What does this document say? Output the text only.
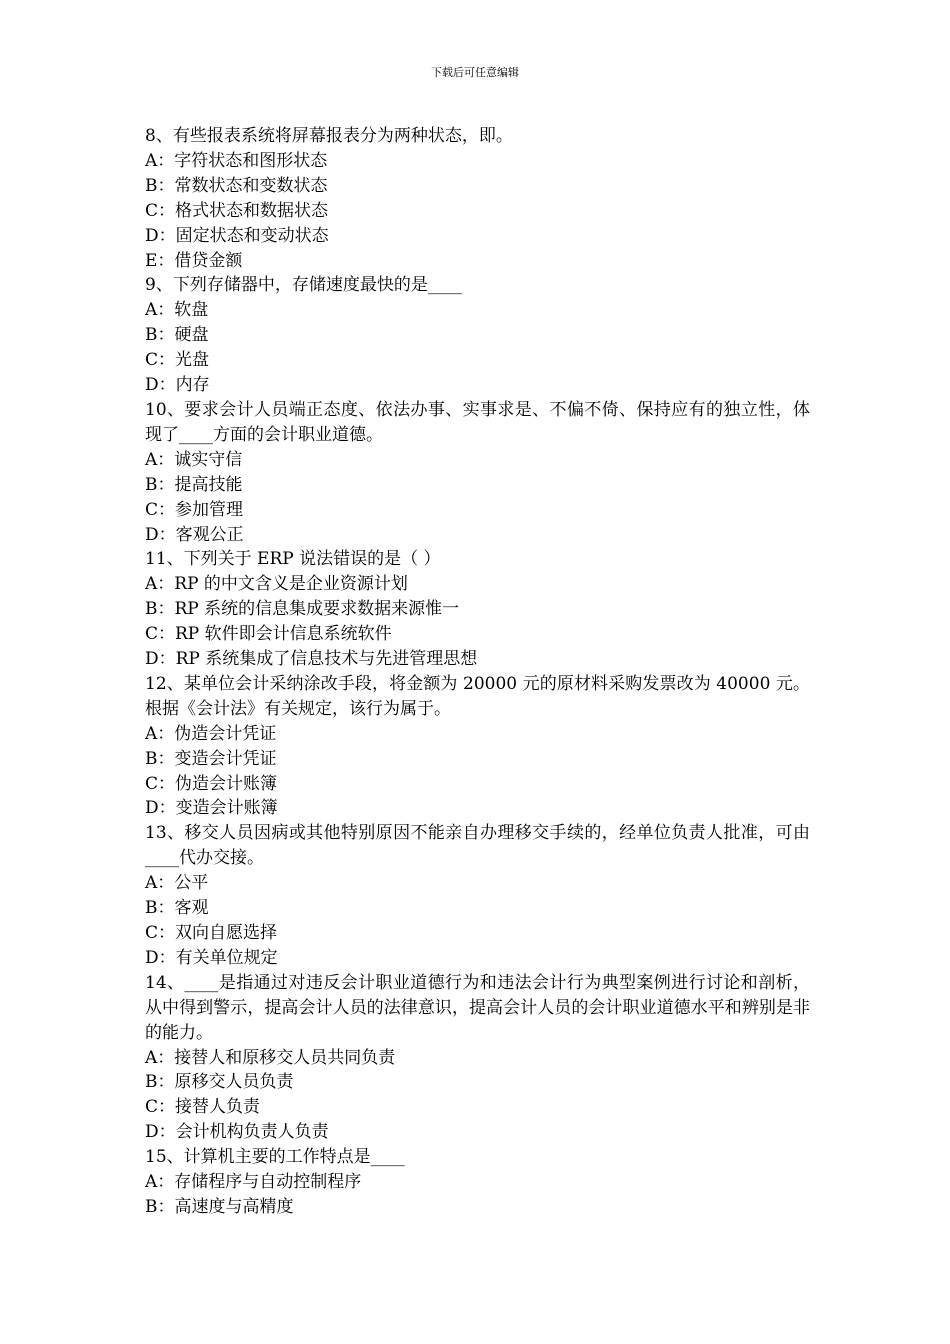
下载后可任意编辑

8、有些报表系统将屏幕报表分为两种状态，即。

A：字符状态和图形状态

B：常数状态和变数状态

C：格式状态和数据状态

D：固定状态和变动状态

E：借贷金额

9、下列存储器中，存储速度最快的是____

A：软盘

B：硬盘

C：光盘

D：内存

10、要求会计人员端正态度、依法办事、实事求是、不偏不倚、保持应有的独立性，体现了____方面的会计职业道德。

A：诚实守信

B：提高技能

C：参加管理

D：客观公正

11、下列关于 ERP 说法错误的是（ ）

A：RP 的中文含义是企业资源计划

B：RP 系统的信息集成要求数据来源惟一

C：RP 软件即会计信息系统软件

D：RP 系统集成了信息技术与先进管理思想

12、某单位会计采纳涂改手段，将金额为 20000 元的原材料采购发票改为 40000 元。根据《会计法》有关规定，该行为属于。

A：伪造会计凭证

B：变造会计凭证

C：伪造会计账簿

D：变造会计账簿

13、移交人员因病或其他特别原因不能亲自办理移交手续的，经单位负责人批准，可由____代办交接。

A：公平

B：客观

C：双向自愿选择

D：有关单位规定

14、____是指通过对违反会计职业道德行为和违法会计行为典型案例进行讨论和剖析，从中得到警示，提高会计人员的法律意识，提高会计人员的会计职业道德水平和辨别是非的能力。

A：接替人和原移交人员共同负责

B：原移交人员负责

C：接替人负责

D：会计机构负责人负责

15、计算机主要的工作特点是____

A：存储程序与自动控制程序

B：高速度与高精度
